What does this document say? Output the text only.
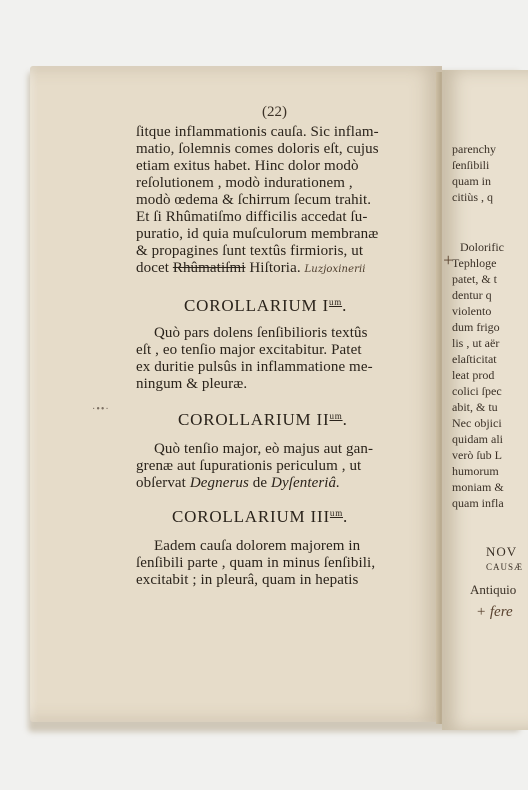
parenchy
ſenſibili
quam in
citiùs , q
Dolorific
Tephloge
patet, & t
dentur q
violento
dum frigo
lis , ut aër
elaſticitat
leat prod
colici ſpec
abit, & tu
Nec objici
quidam ali
verò ſub L
humorum
moniam &
quam infla
NOV
CAUSÆ
Antiquio
+
+ fere
·••·
(22)
ſitque inflammationis cauſa. Sic inflam-
matio, ſolemnis comes doloris eſt, cujus
etiam exitus habet. Hinc dolor modò
reſolutionem , modò indurationem ,
modò œdema & ſchirrum ſecum trahit.
Et ſi Rhûmatiſmo difficilis accedat ſu-
puratio, id quia muſculorum membranæ
& propagines ſunt textûs firmioris, ut
docet Rhûmatiſmi Hiſtoria. Luzjoxinerii
COROLLARIUM $I^{um}$.
Quò pars dolens ſenſibilioris textûs
eſt , eo tenſio major excitabitur. Patet
ex duritie pulsûs in inflammatione me-
ningum & pleuræ.
COROLLARIUM $II^{um}$.
Quò tenſio major, eò majus aut gan-
grenæ aut ſupurationis periculum , ut
obſervat Degnerus de Dyſenteriâ.
COROLLARIUM $III^{um}$.
Eadem cauſa dolorem majorem in
ſenſibili parte , quam in minus ſenſibili,
excitabit ; in pleurâ, quam in hepatis
